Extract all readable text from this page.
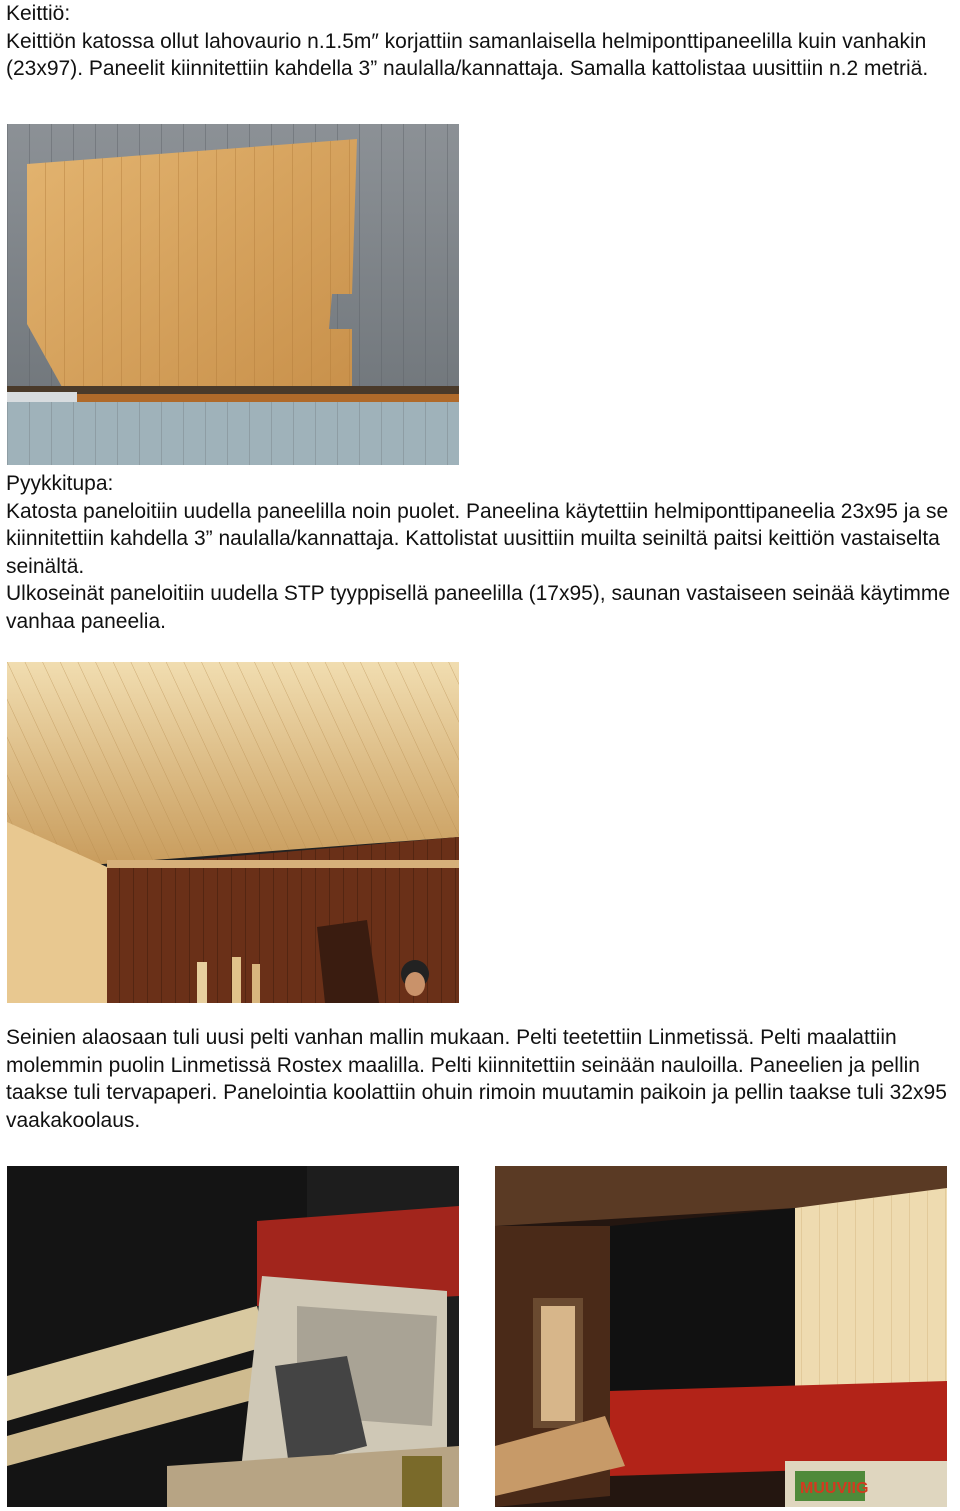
Keittiö:

Keittiön katossa ollut lahovaurio n.1.5m″ korjattiin samanlaisella helmiponttipaneelilla kuin vanhakin (23x97). Paneelit kiinnitettiin kahdella 3” naulalla/kannattaja. Samalla kattolistaa uusittiin n.2 metriä.

Pyykkitupa:

Katosta paneloitiin uudella paneelilla noin puolet. Paneelina käytettiin helmiponttipaneelia 23x95 ja se kiinnitettiin kahdella 3” naulalla/kannattaja. Kattolistat uusittiin muilta seiniltä paitsi keittiön vastaiselta seinältä.

Ulkoseinät paneloitiin uudella STP tyyppisellä paneelilla (17x95), saunan vastaiseen seinää käytimme vanhaa paneelia.

Seinien alaosaan tuli uusi pelti vanhan mallin mukaan. Pelti teetettiin Linmetissä. Pelti maalattiin molemmin puolin Linmetissä Rostex maalilla. Pelti kiinnitettiin seinään nauloilla. Paneelien ja pellin taakse tuli tervapaperi. Panelointia koolattiin ohuin rimoin muutamin paikoin ja pellin taakse tuli 32x95 vaakakoolaus.

MUUVIIG
